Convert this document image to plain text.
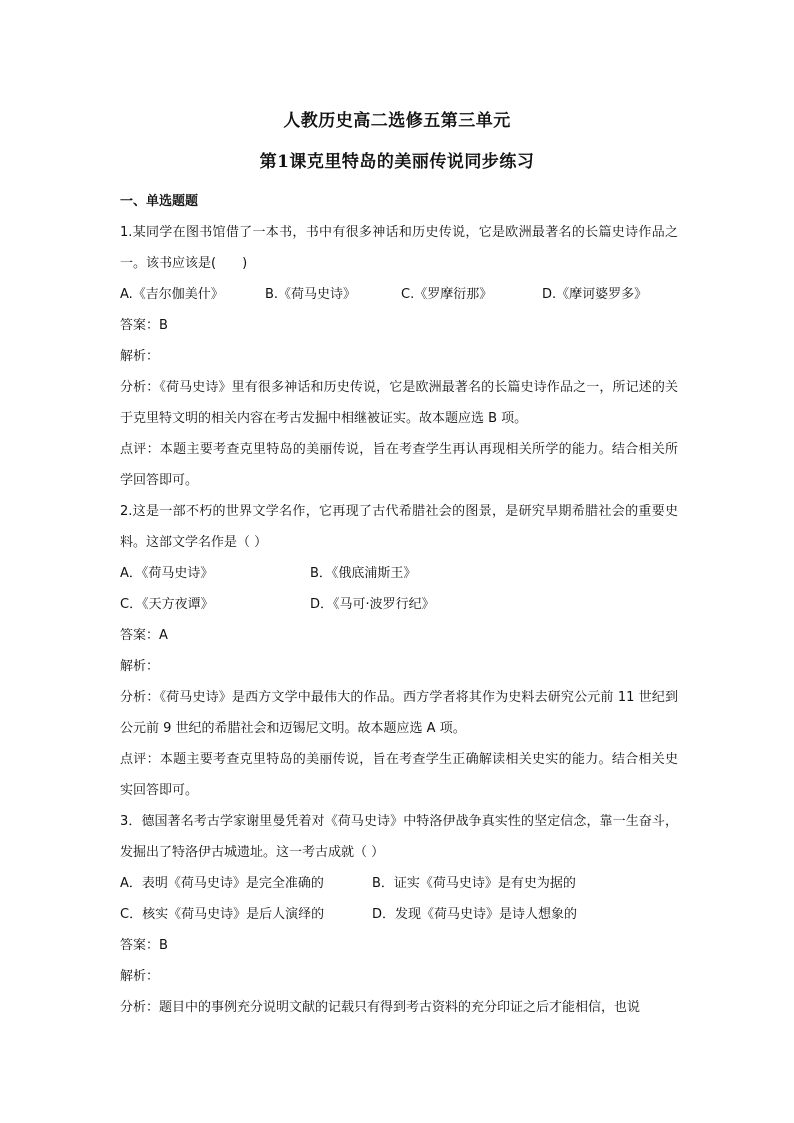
人教历史高二选修五第三单元
第1课克里特岛的美丽传说同步练习
一、单选题题
1.某同学在图书馆借了一本书，书中有很多神话和历史传说，它是欧洲最著名的长篇史诗作品之一。该书应该是(　　)
A.《吉尔伽美什》	B.《荷马史诗》	C.《罗摩衍那》	D.《摩诃婆罗多》
答案：B
解析：
分析：《荷马史诗》里有很多神话和历史传说，它是欧洲最著名的长篇史诗作品之一，所记述的关于克里特文明的相关内容在考古发掘中相继被证实。故本题应选 B 项。
点评：本题主要考查克里特岛的美丽传说，旨在考查学生再认再现相关所学的能力。结合相关所学回答即可。
2.这是一部不朽的世界文学名作，它再现了古代希腊社会的图景，是研究早期希腊社会的重要史料。这部文学名作是（ ）
A．《荷马史诗》	B．《俄底浦斯王》
C．《天方夜谭》	D．《马可·波罗行纪》
答案：A
解析：
分析：《荷马史诗》是西方文学中最伟大的作品。西方学者将其作为史料去研究公元前 11 世纪到公元前 9 世纪的希腊社会和迈锡尼文明。故本题应选 A 项。
点评：本题主要考查克里特岛的美丽传说，旨在考查学生正确解读相关史实的能力。结合相关史实回答即可。
3．德国著名考古学家谢里曼凭着对《荷马史诗》中特洛伊战争真实性的坚定信念，靠一生奋斗，发掘出了特洛伊古城遗址。这一考古成就（ ）
A．表明《荷马史诗》是完全准确的	B．证实《荷马史诗》是有史为据的
C．核实《荷马史诗》是后人演绎的	D．发现《荷马史诗》是诗人想象的
答案：B
解析：
分析：题目中的事例充分说明文献的记载只有得到考古资料的充分印证之后才能相信，也说
